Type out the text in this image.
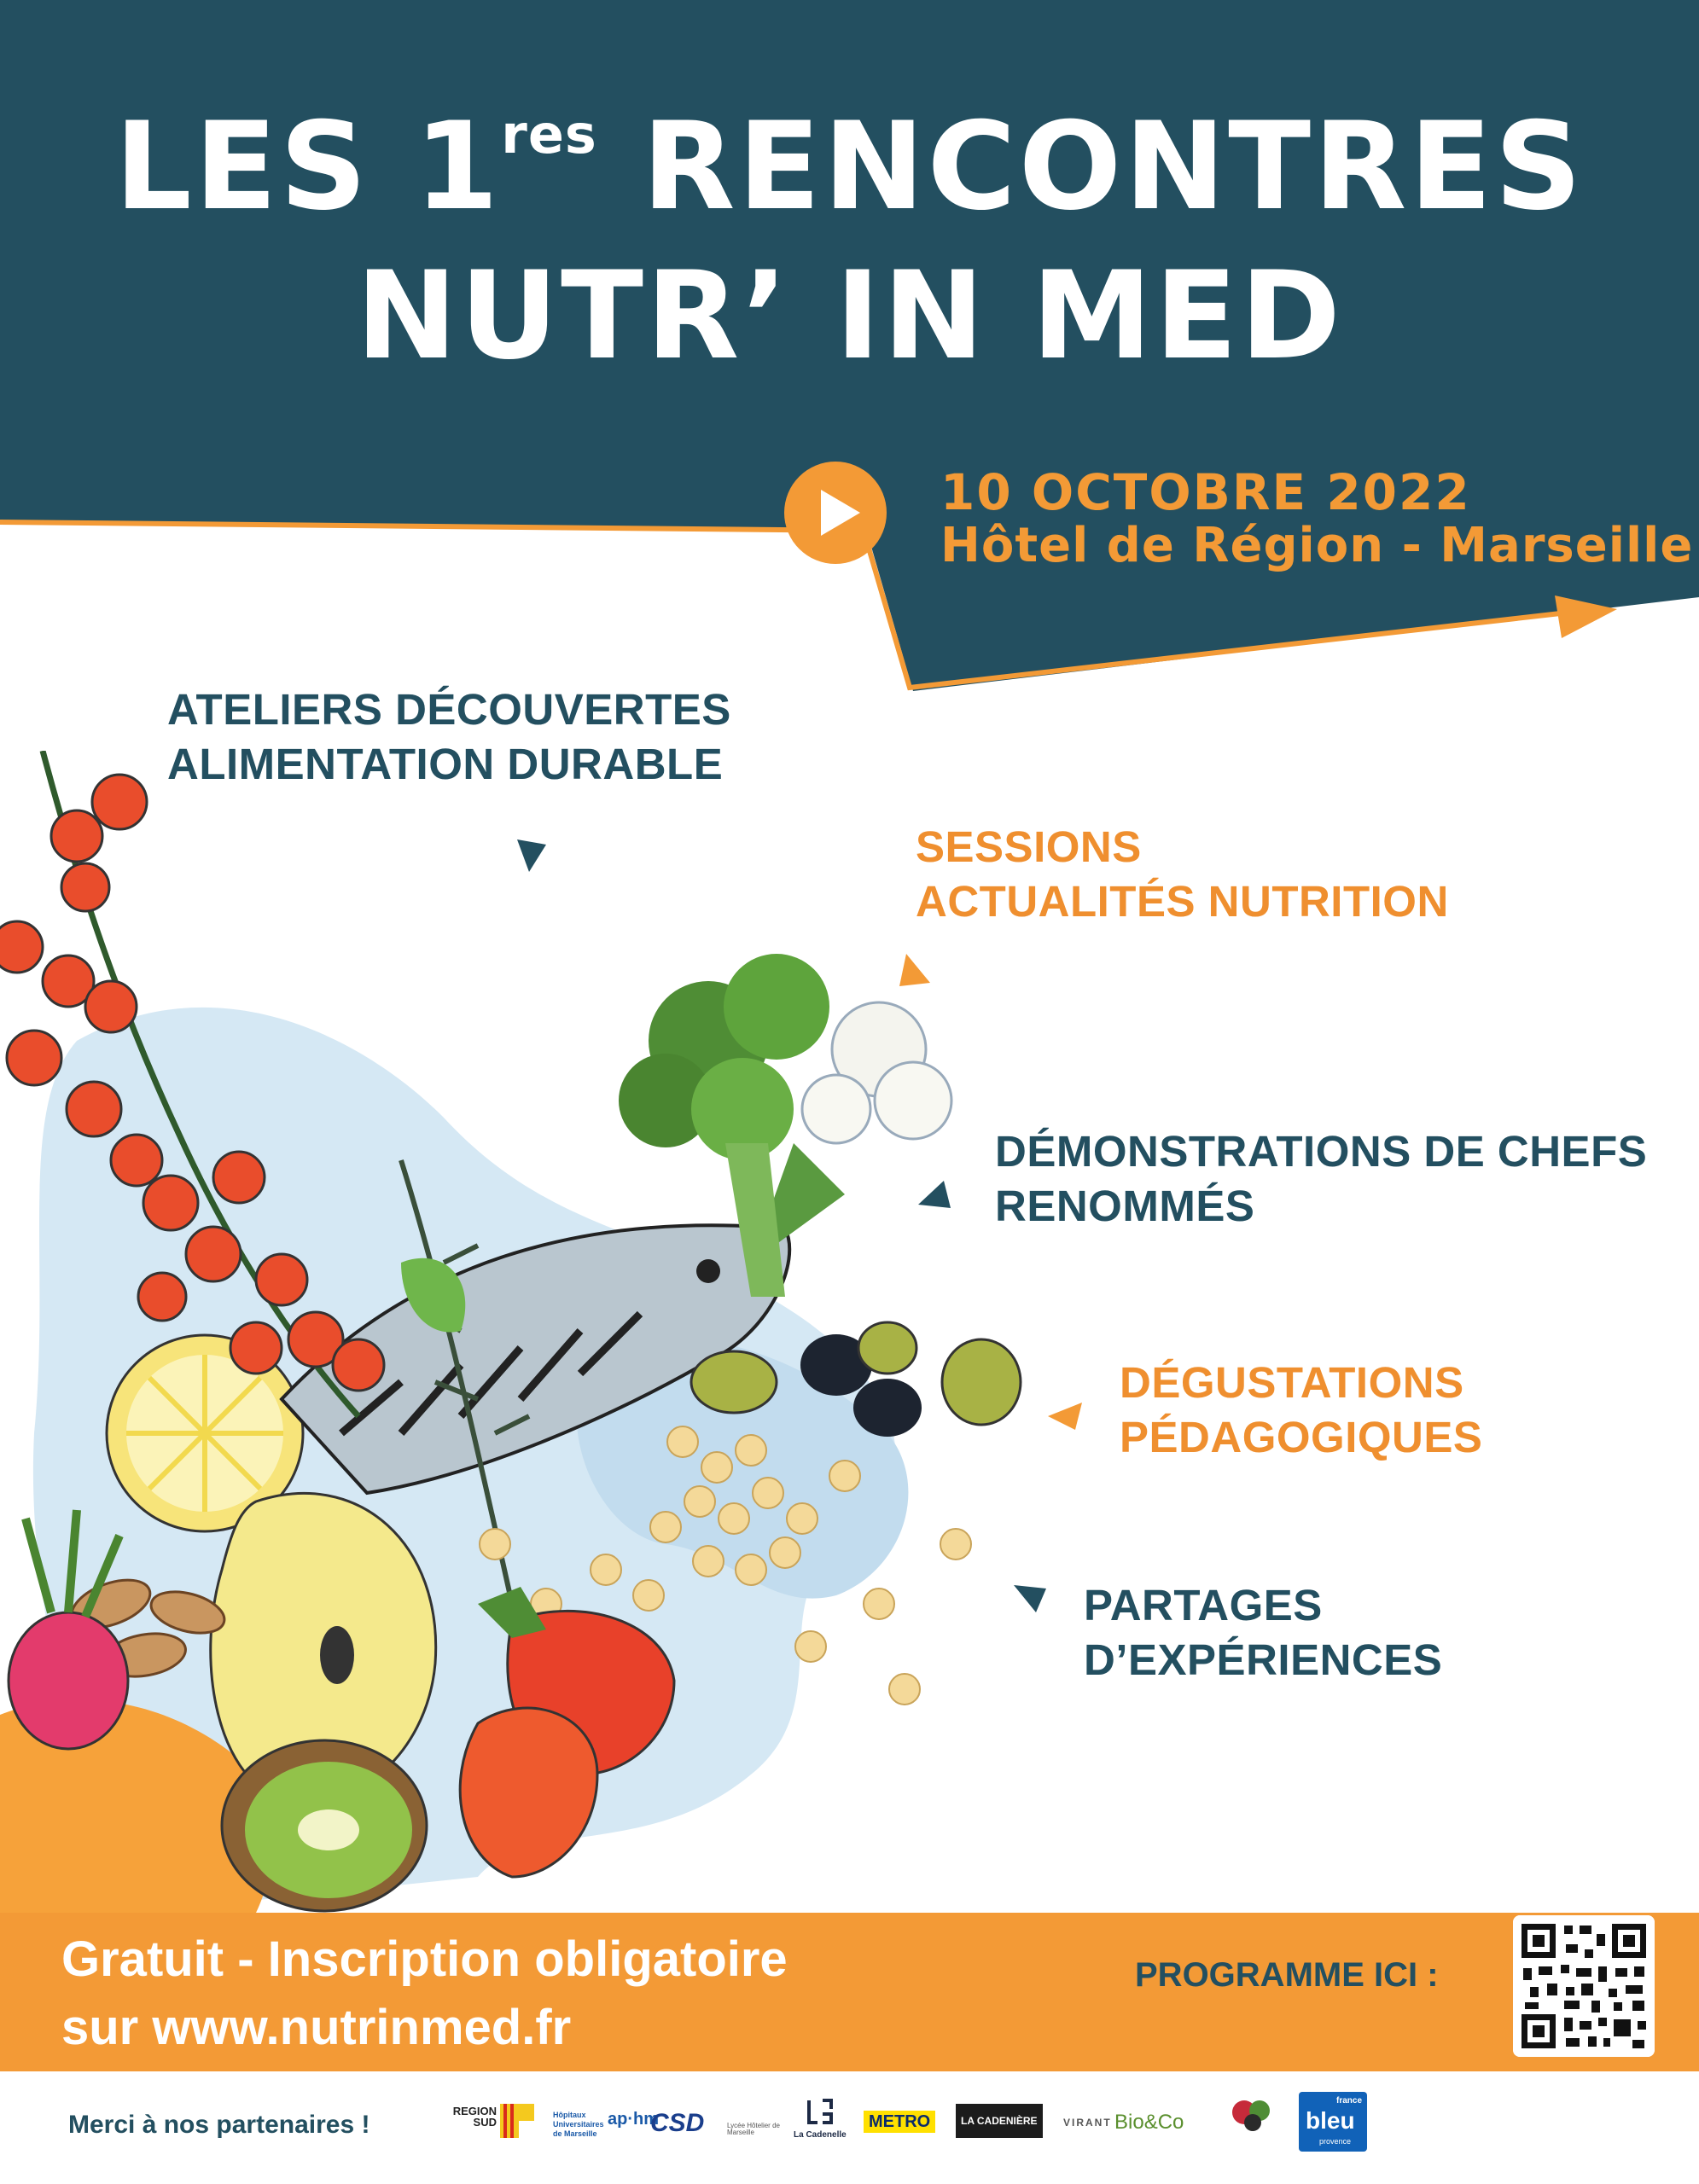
LES 1res RENCONTRES
NUTR’ IN MED
10 OCTOBRE 2022
Hôtel de Région - Marseille
ATELIERS DÉCOUVERTES
ALIMENTATION DURABLE
SESSIONS
ACTUALITÉS NUTRITION
DÉMONSTRATIONS DE CHEFS
RENOMMÉS
DÉGUSTATIONS
PÉDAGOGIQUES
PARTAGES
D’EXPÉRIENCES
Gratuit - Inscription obligatoire
sur www.nutrinmed.fr
PROGRAMME ICI :
Merci à nos partenaires !	REGION SUD
Hôpitaux Universitaires de Marseille
ap·hm
CSD	Lycée Hôtelier de Marseille	La Cadenelle
METRO	LA CADENIÈRE	VIRANT Bio&Co
france
bleu
provence
